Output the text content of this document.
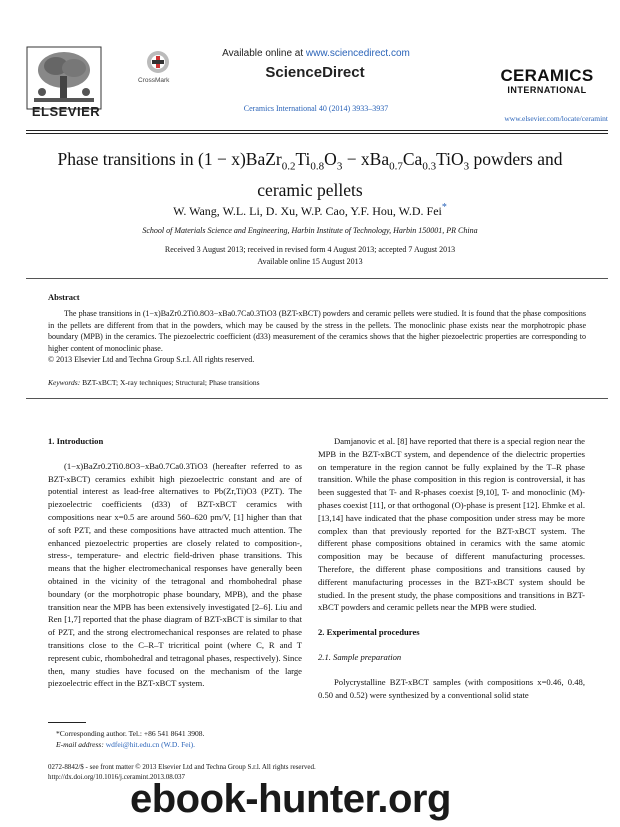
ELSEVIER
CrossMark
Available online at www.sciencedirect.com
ScienceDirect
Ceramics International 40 (2014) 3933–3937
CERAMICS
INTERNATIONAL
www.elsevier.com/locate/ceramint
Phase transitions in $(1 - x)BaZr_{0.2}Ti_{0.8}O_3 - xBa_{0.7}Ca_{0.3}TiO_3$ powders and ceramic pellets
W. Wang, W.L. Li, D. Xu, W.P. Cao, Y.F. Hou, W.D. Fei*
School of Materials Science and Engineering, Harbin Institute of Technology, Harbin 150001, PR China
Received 3 August 2013; received in revised form 4 August 2013; accepted 7 August 2013
Available online 15 August 2013
Abstract
The phase transitions in (1−x)BaZr0.2Ti0.8O3−xBa0.7Ca0.3TiO3 (BZT-xBCT) powders and ceramic pellets were studied. It is found that the phase compositions in the pellets are different from that in the powders, which may be caused by the stress in the pellets. The monoclinic phase exists near the morphotropic phase boundary (MPB) in the ceramics. The piezoelectric coefficient (d33) measurement of the ceramics shows that the higher piezoelectric properties are corresponding to higher content of monoclinic phase.
© 2013 Elsevier Ltd and Techna Group S.r.l. All rights reserved.
Keywords: BZT-xBCT; X-ray techniques; Structural; Phase transitions
1. Introduction

(1−x)BaZr0.2Ti0.8O3−xBa0.7Ca0.3TiO3 (hereafter referred to as BZT-xBCT) ceramics exhibit high piezoelectric constant and are of potential interest as lead-free alternatives to Pb(Zr,Ti)O3 (PZT). The piezoelectric coefficients (d33) of BZT-xBCT ceramics with compositions near x=0.5 are around 560–620 pm/V, [1] higher than that of soft PZT, and these compositions have attracted much attention. The enhanced piezoelectric properties are closely related to composition-, stress-, temperature- and electric field-driven phase transitions. This means that the higher electromechanical responses have generally been obtained in the vicinity of the tetragonal and rhombohedral phase boundary (or the morphotropic phase boundary, MPB), and the phase transition near the MPB has been extensively investigated [2–6]. Liu and Ren [1,7] reported that the phase diagram of BZT-xBCT is similar to that of PZT, and the strong electromechanical responses are related to phase transitions close to the C–R–T tricritical point (where C, R and T represent cubic, rhombohedral and tetragonal phases, respectively). Since then, many studies have focused on the mechanism of the large piezoelectric effect in the BZT-xBCT system.

Damjanovic et al. [8] have reported that there is a special region near the MPB in the BZT-xBCT system, and dependence of the dielectric properties on temperature in the region cannot be fully explained by the T–R phase transition. While the phase composition in this region is controversial, it has been suggested that T- and R-phases coexist [9,10], T- and monoclinic (M)-phases coexist [11], or that orthogonal (O)-phase is present [12]. Ehmke et al. [13,14] have indicated that the phase composition under stress may be more complex than that previously reported for the BZT-xBCT system. The different phase compositions obtained in ceramics with the same atomic composition may be because of different manufacturing processes. Therefore, the different phase compositions and transitions caused by different manufacturing processes in the BZT-xBCT system should be studied. In the present study, the phase compositions and transitions in BZT-xBCT powders and ceramic pellets near the MPB were studied.

2. Experimental procedures
2.1. Sample preparation

Polycrystalline BZT-xBCT samples (with compositions x=0.46, 0.48, 0.50 and 0.52) were synthesized by a conventional solid state

*Corresponding author. Tel.: +86 541 8641 3908.
E-mail address: wdfei@hit.edu.cn (W.D. Fei).
0272-8842/$ - see front matter © 2013 Elsevier Ltd and Techna Group S.r.l. All rights reserved.
http://dx.doi.org/10.1016/j.ceramint.2013.08.037
ebook-hunter.org
